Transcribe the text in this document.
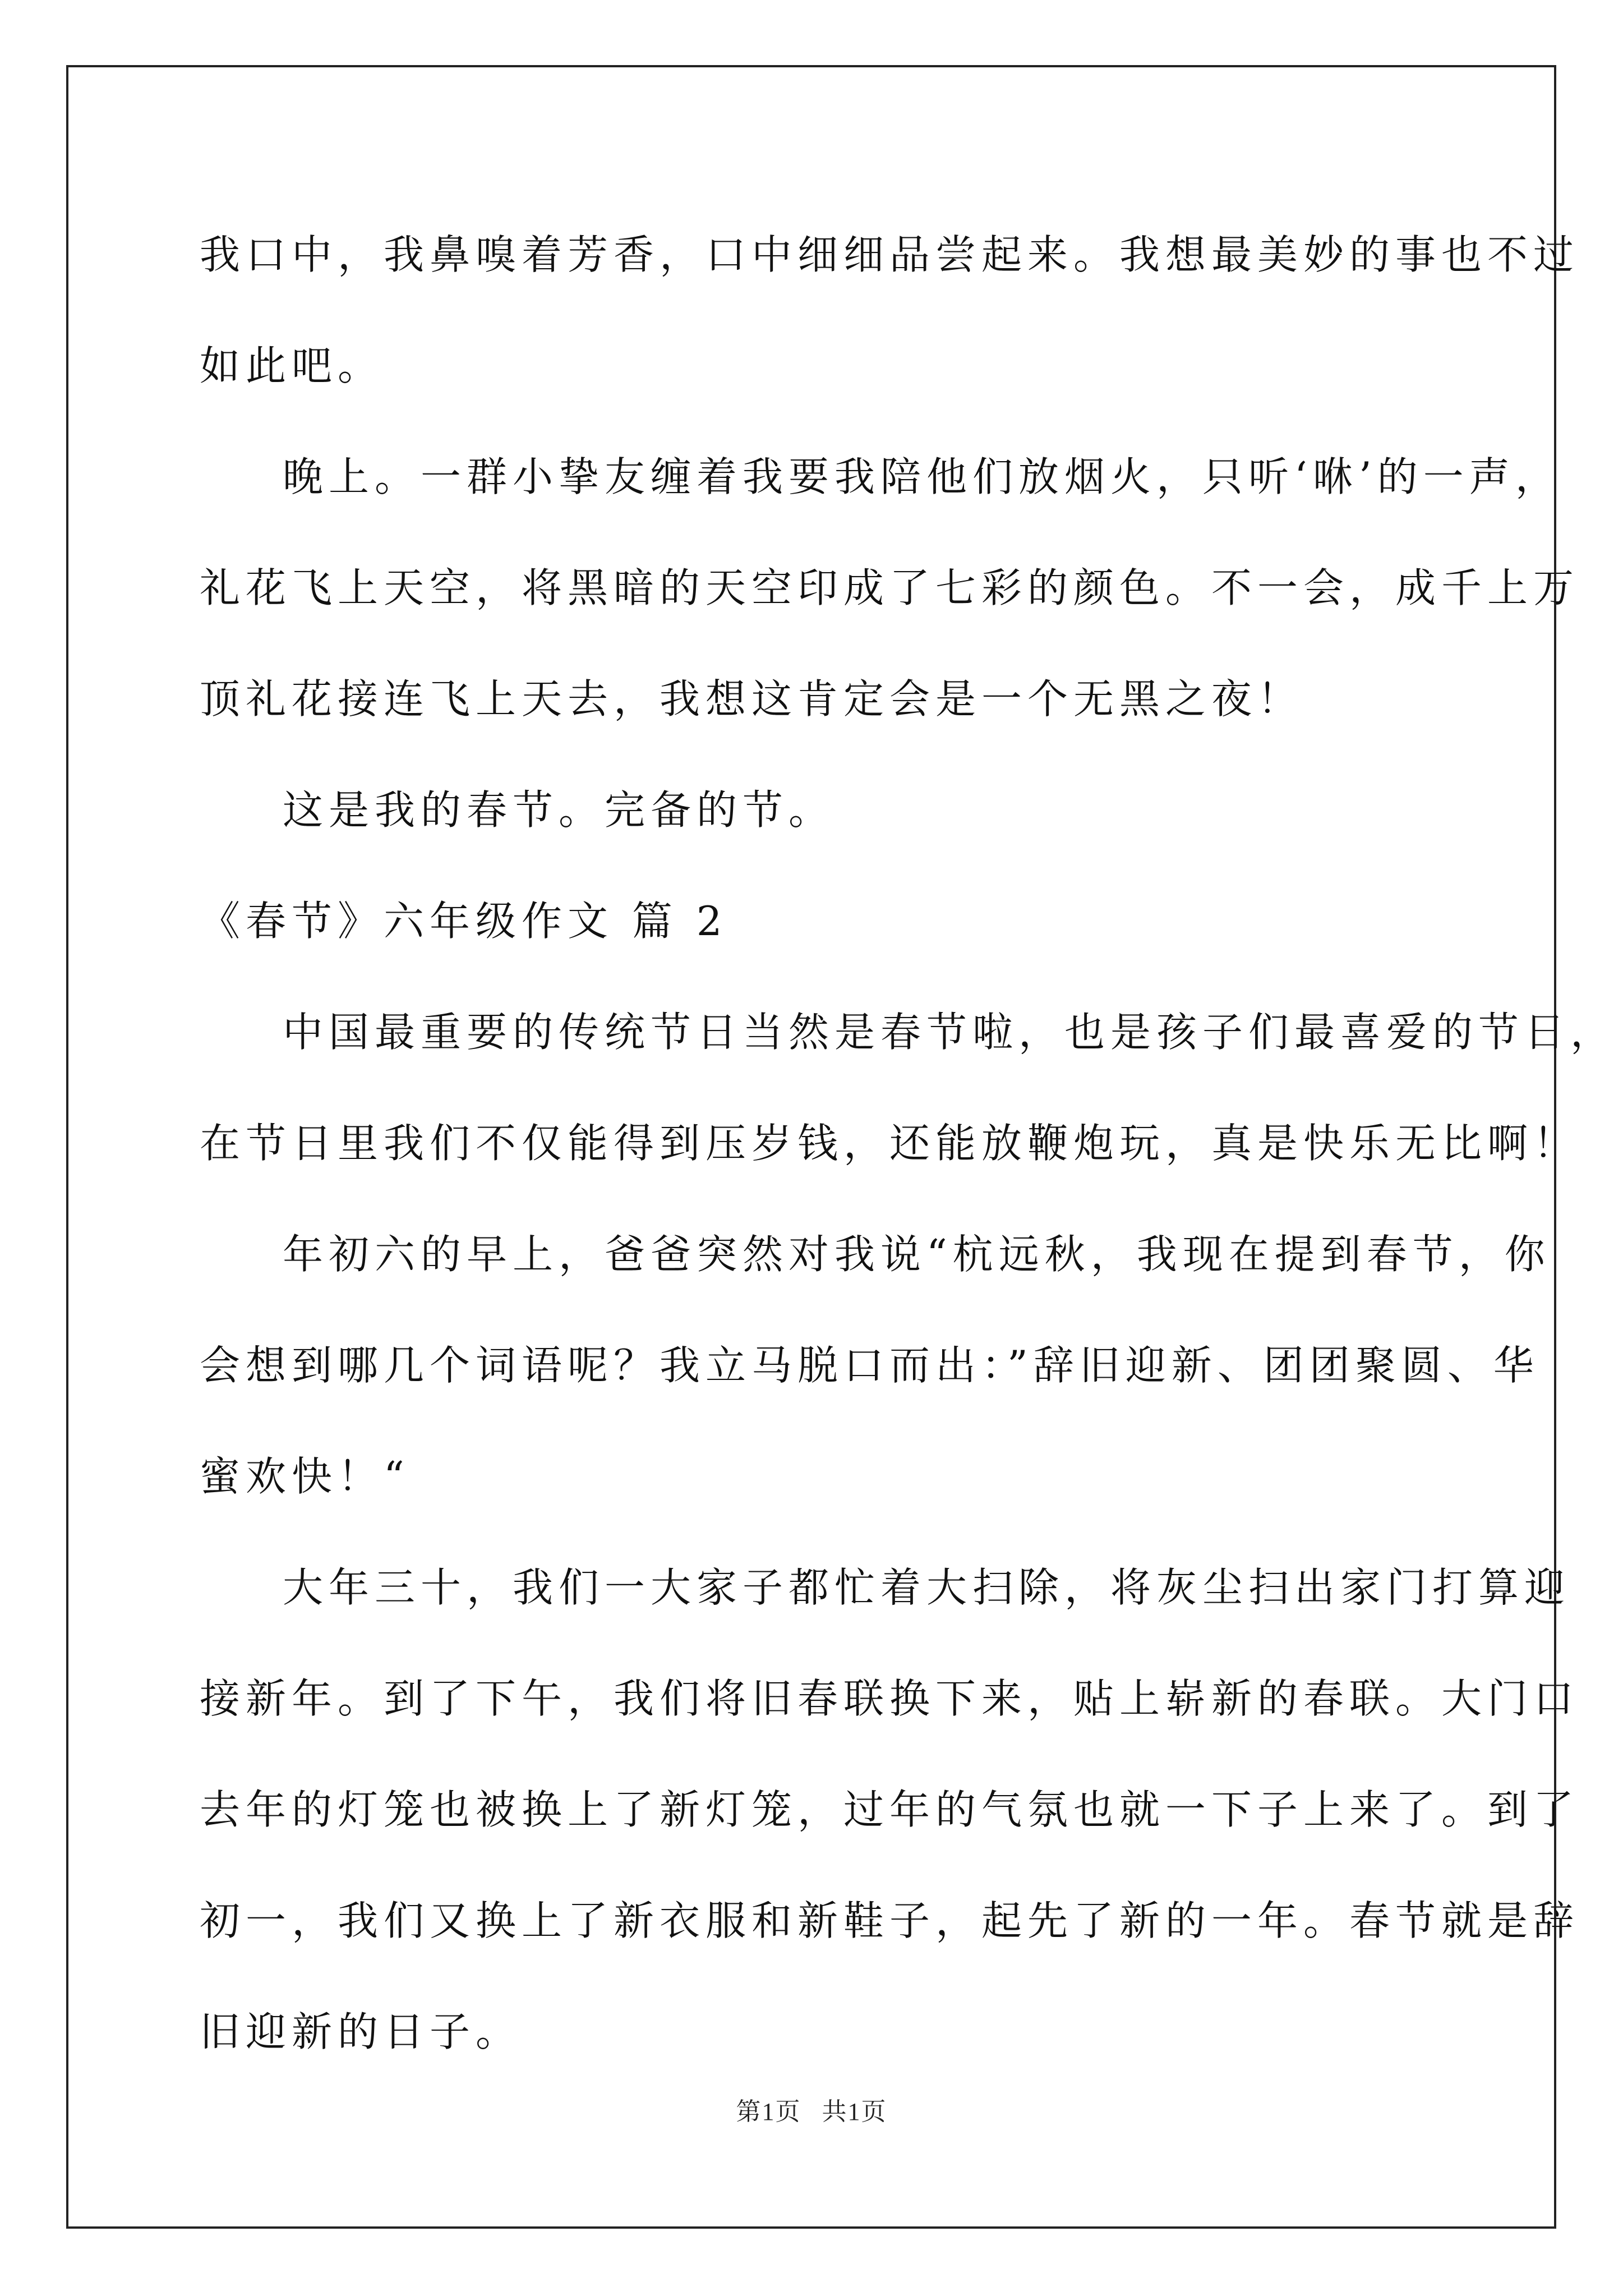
我口中，我鼻嗅着芳香，口中细细品尝起来。我想最美妙的事也不过
如此吧。
晚上。一群小挚友缠着我要我陪他们放烟火，只听‘咻’的一声，
礼花飞上天空，将黑暗的天空印成了七彩的颜色。不一会，成千上万
顶礼花接连飞上天去，我想这肯定会是一个无黑之夜！
这是我的春节。完备的节。
《春节》六年级作文 篇 2
中国最重要的传统节日当然是春节啦，也是孩子们最喜爱的节日，
在节日里我们不仅能得到压岁钱，还能放鞭炮玩，真是快乐无比啊！
年初六的早上，爸爸突然对我说“杭远秋，我现在提到春节，你
会想到哪几个词语呢？我立马脱口而出：”辞旧迎新、团团聚圆、华
蜜欢快！“
大年三十，我们一大家子都忙着大扫除，将灰尘扫出家门打算迎
接新年。到了下午，我们将旧春联换下来，贴上崭新的春联。大门口
去年的灯笼也被换上了新灯笼，过年的气氛也就一下子上来了。到了
初一，我们又换上了新衣服和新鞋子，起先了新的一年。春节就是辞
旧迎新的日子。
第1页 共1页
